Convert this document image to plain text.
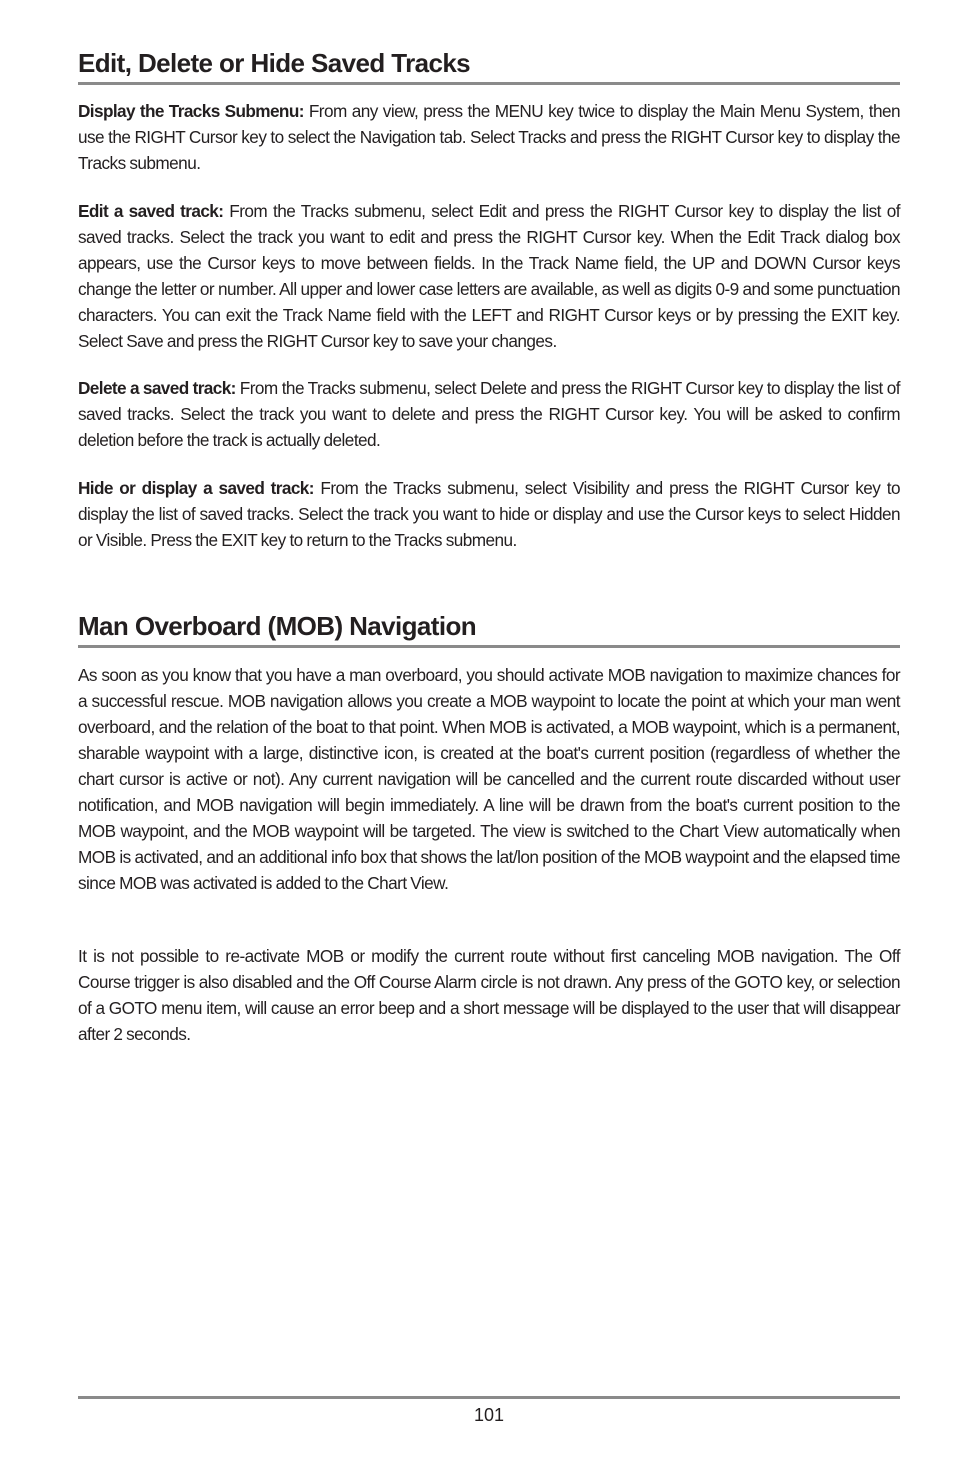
Edit, Delete or Hide Saved Tracks

Display the Tracks Submenu: From any view, press the MENU key twice to display the Main Menu System, then use the RIGHT Cursor key to select the Navigation tab. Select Tracks and press the RIGHT Cursor key to display the Tracks submenu.

Edit a saved track: From the Tracks submenu, select Edit and press the RIGHT Cursor key to display the list of saved tracks. Select the track you want to edit and press the RIGHT Cursor key. When the Edit Track dialog box appears, use the Cursor keys to move between fields. In the Track Name field, the UP and DOWN Cursor keys change the letter or number. All upper and lower case letters are available, as well as digits 0-9 and some punctuation characters. You can exit the Track Name field with the LEFT and RIGHT Cursor keys or by pressing the EXIT key. Select Save and press the RIGHT Cursor key to save your changes.

Delete a saved track: From the Tracks submenu, select Delete and press the RIGHT Cursor key to display the list of saved tracks. Select the track you want to delete and press the RIGHT Cursor key. You will be asked to confirm deletion before the track is actually deleted.

Hide or display a saved track: From the Tracks submenu, select Visibility and press the RIGHT Cursor key to display the list of saved tracks. Select the track you want to hide or display and use the Cursor keys to select Hidden or Visible. Press the EXIT key to return to the Tracks submenu.

Man Overboard (MOB) Navigation

As soon as you know that you have a man overboard, you should activate MOB navigation to maximize chances for a successful rescue. MOB navigation allows you create a MOB waypoint to locate the point at which your man went overboard, and the relation of the boat to that point. When MOB is activated, a MOB waypoint, which is a permanent, sharable waypoint with a large, distinctive icon, is created at the boat's current position (regardless of whether the chart cursor is active or not). Any current navigation will be cancelled and the current route discarded without user notification, and MOB navigation will begin immediately. A line will be drawn from the boat's current position to the MOB waypoint, and the MOB waypoint will be targeted. The view is switched to the Chart View automatically when MOB is activated, and an additional info box that shows the lat/lon position of the MOB waypoint and the elapsed time since MOB was activated is added to the Chart View.

It is not possible to re-activate MOB or modify the current route without first canceling MOB navigation. The Off Course trigger is also disabled and the Off Course Alarm circle is not drawn. Any press of the GOTO key, or selection of a GOTO menu item, will cause an error beep and a short message will be displayed to the user that will disappear after 2 seconds.

101
